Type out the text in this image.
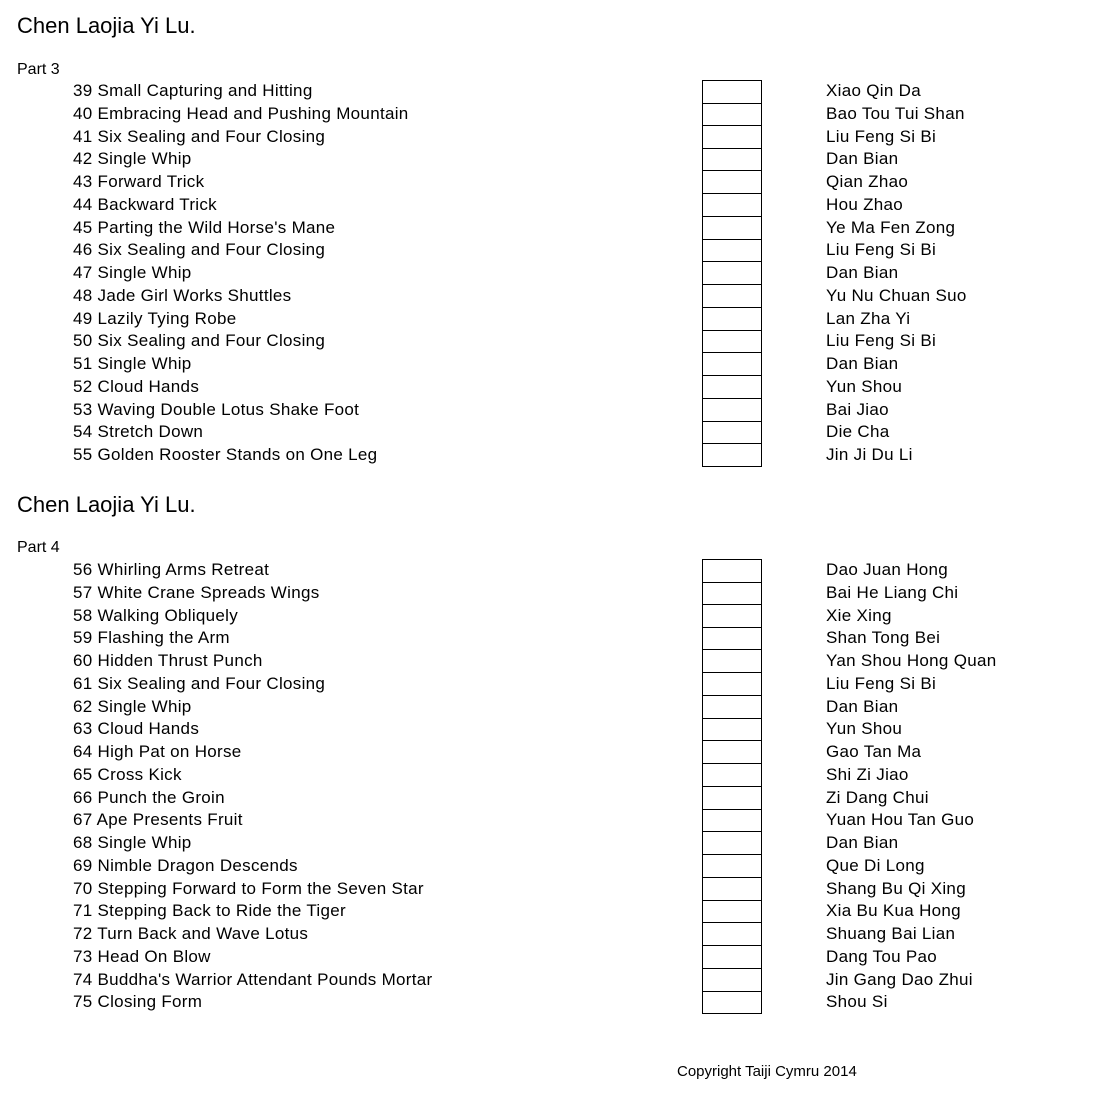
Chen Laojia Yi Lu.
Part 3
39 Small Capturing and Hitting	Xiao Qin Da
40 Embracing Head and Pushing Mountain	Bao Tou Tui Shan
41 Six Sealing and Four Closing	Liu Feng Si Bi
42 Single Whip	Dan Bian
43 Forward Trick	Qian Zhao
44 Backward Trick	Hou Zhao
45 Parting the Wild Horse's Mane	Ye Ma Fen Zong
46 Six Sealing and Four Closing	Liu Feng Si Bi
47 Single Whip	Dan Bian
48 Jade Girl Works Shuttles	Yu Nu Chuan Suo
49 Lazily Tying Robe	Lan Zha Yi
50 Six Sealing and Four Closing	Liu Feng Si Bi
51 Single Whip	Dan Bian
52 Cloud Hands	Yun Shou
53 Waving Double Lotus Shake Foot	Bai Jiao
54 Stretch Down	Die Cha
55 Golden Rooster Stands on One Leg	Jin Ji Du Li
Chen Laojia Yi Lu.
Part 4
56 Whirling Arms Retreat	Dao Juan Hong
57 White Crane Spreads Wings	Bai He Liang Chi
58 Walking Obliquely	Xie Xing
59 Flashing the Arm	Shan Tong Bei
60 Hidden Thrust Punch	Yan Shou Hong Quan
61 Six Sealing and Four Closing	Liu Feng Si Bi
62 Single Whip	Dan Bian
63 Cloud Hands	Yun Shou
64 High Pat on Horse	Gao Tan Ma
65 Cross Kick	Shi Zi Jiao
66 Punch the Groin	Zi Dang Chui
67 Ape Presents Fruit	Yuan Hou Tan Guo
68 Single Whip	Dan Bian
69 Nimble Dragon Descends	Que Di Long
70 Stepping Forward to Form the Seven Star	Shang Bu Qi Xing
71 Stepping Back to Ride the Tiger	Xia Bu Kua Hong
72 Turn Back and Wave Lotus	Shuang Bai Lian
73 Head On Blow	Dang Tou Pao
74 Buddha's Warrior Attendant Pounds Mortar	Jin Gang Dao Zhui
75 Closing Form	Shou Si
Copyright Taiji Cymru 2014
